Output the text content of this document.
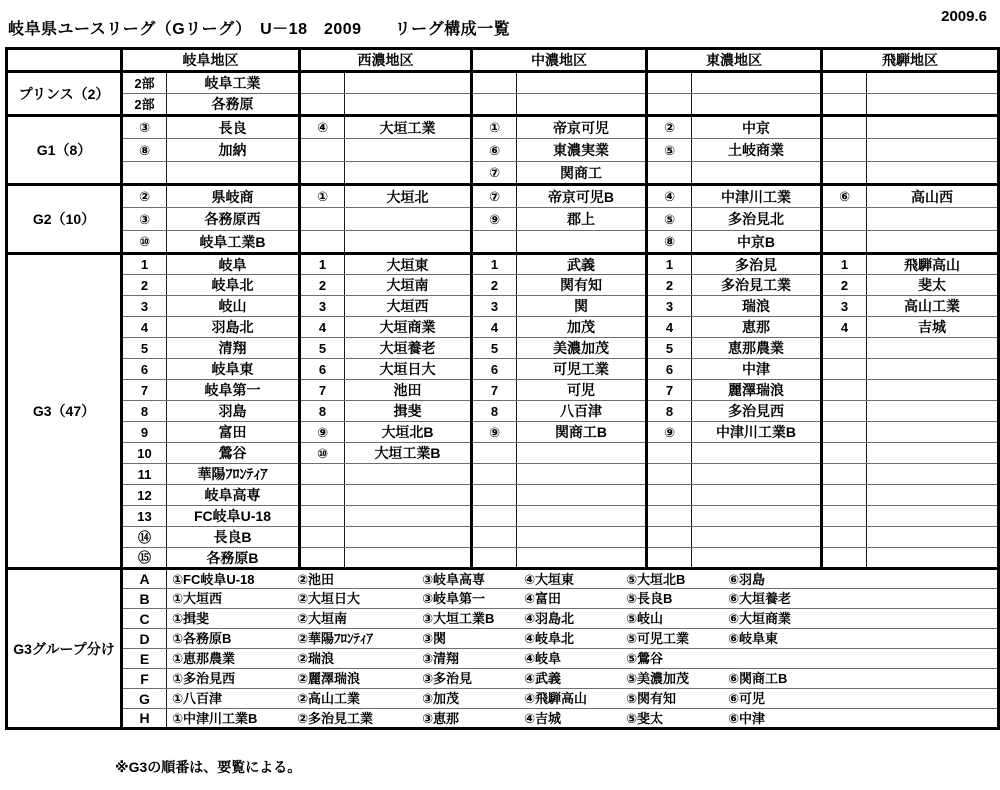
岐阜県ユースリーグ（Gリーグ）　U－18　2009　　リーグ構成一覧
2009.6
	岐阜地区		西濃地区		中濃地区		東濃地区		飛騨地区	
プリンス（2）	2部	岐阜工業								
	2部	各務原								
G1（8）	③	長良	④	大垣工業	①	帝京可児	②	中京		
	⑧	加納			⑥	東濃実業	⑤	土岐商業		
					⑦	関商工				
G2（10）	②	県岐商	①	大垣北	⑦	帝京可児B	④	中津川工業	⑥	高山西
	③	各務原西			⑨	郡上	⑤	多治見北		
	⑩	岐阜工業B					⑧	中京B		
G3（47）	1	岐阜	1	大垣東	1	武義	1	多治見	1	飛騨高山
	2	岐阜北	2	大垣南	2	関有知	2	多治見工業	2	斐太
	3	岐山	3	大垣西	3	関	3	瑞浪	3	高山工業
	4	羽島北	4	大垣商業	4	加茂	4	恵那	4	吉城
	5	清翔	5	大垣養老	5	美濃加茂	5	恵那農業		
	6	岐阜東	6	大垣日大	6	可児工業	6	中津		
	7	岐阜第一	7	池田	7	可児	7	麗澤瑞浪		
	8	羽島	8	揖斐	8	八百津	8	多治見西		
	9	富田	⑨	大垣北B	⑨	関商工B	⑨	中津川工業B		
	10	鶯谷	⑩	大垣工業B						
	11	華陽ﾌﾛﾝﾃｨｱ								
	12	岐阜高専								
	13	FC岐阜U-18								
	⑭	長良B								
	⑮	各務原B								
G3グループ分け	A	①FC岐阜U-18 ②池田 ③岐阜高専 ④大垣東 ⑤大垣北B ⑥羽島								
	B	①大垣西 ②大垣日大 ③岐阜第一 ④富田 ⑤長良B ⑥大垣養老								
	C	①揖斐 ②大垣南 ③大垣工業B ④羽島北 ⑤岐山 ⑥大垣商業								
	D	①各務原B ②華陽ﾌﾛﾝﾃｨｱ ③関 ④岐阜北 ⑤可児工業 ⑥岐阜東								
	E	①恵那農業 ②瑞浪 ③清翔 ④岐阜 ⑤鶯谷								
	F	①多治見西 ②麗澤瑞浪 ③多治見 ④武義 ⑤美濃加茂 ⑥関商工B								
	G	①八百津 ②高山工業 ③加茂 ④飛騨高山 ⑤関有知 ⑥可児								
	H	①中津川工業B ②多治見工業 ③恵那 ④吉城 ⑤斐太 ⑥中津								
※G3の順番は、要覧による。
